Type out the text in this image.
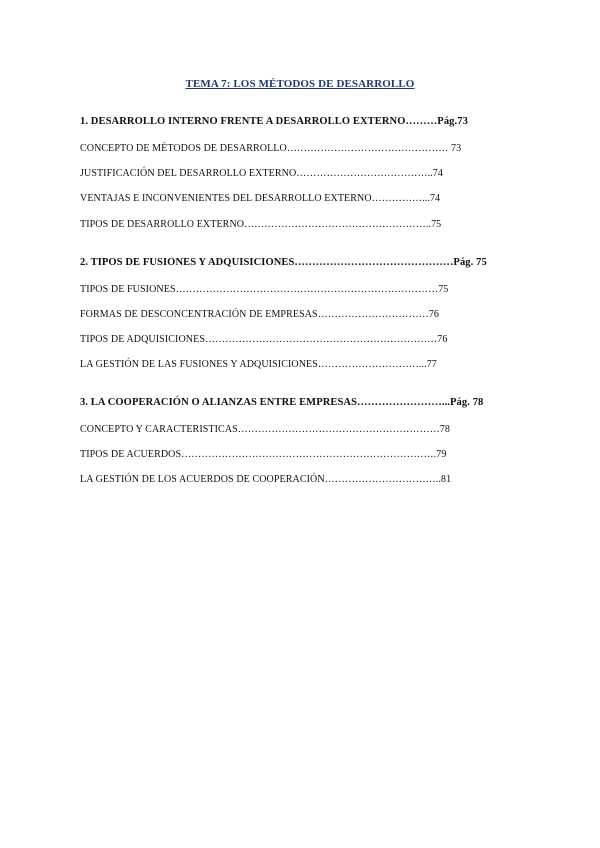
TEMA 7: LOS MÉTODOS DE DESARROLLO
1. DESARROLLO INTERNO FRENTE A DESARROLLO EXTERNO………Pág.73
CONCEPTO DE MÉTODOS DE DESARROLLO………………………………………… 73
JUSTIFICACIÓN DEL DESARROLLO EXTERNO…………………………………..74
VENTAJAS E INCONVENIENTES DEL DESARROLLO EXTERNO……………...74
TIPOS DE DESARROLLO EXTERNO………………………………………………..75
2. TIPOS DE FUSIONES Y ADQUISICIONES………………………………………Pág. 75
TIPOS DE FUSIONES……………………………………………………………………75
FORMAS DE DESCONCENTRACIÓN DE EMPRESAS……………………………76
TIPOS DE ADQUISICIONES……………………………………………………………76
LA GESTIÓN DE LAS FUSIONES Y ADQUISICIONES…………………………...77
3. LA COOPERACIÓN O ALIANZAS ENTRE EMPRESAS……………………...Pág. 78
CONCEPTO Y CARACTERISTICAS……………………………………………………78
TIPOS DE ACUERDOS………………………………………………………………….79
LA GESTIÓN DE LOS ACUERDOS DE COOPERACIÓN……………………………..81
